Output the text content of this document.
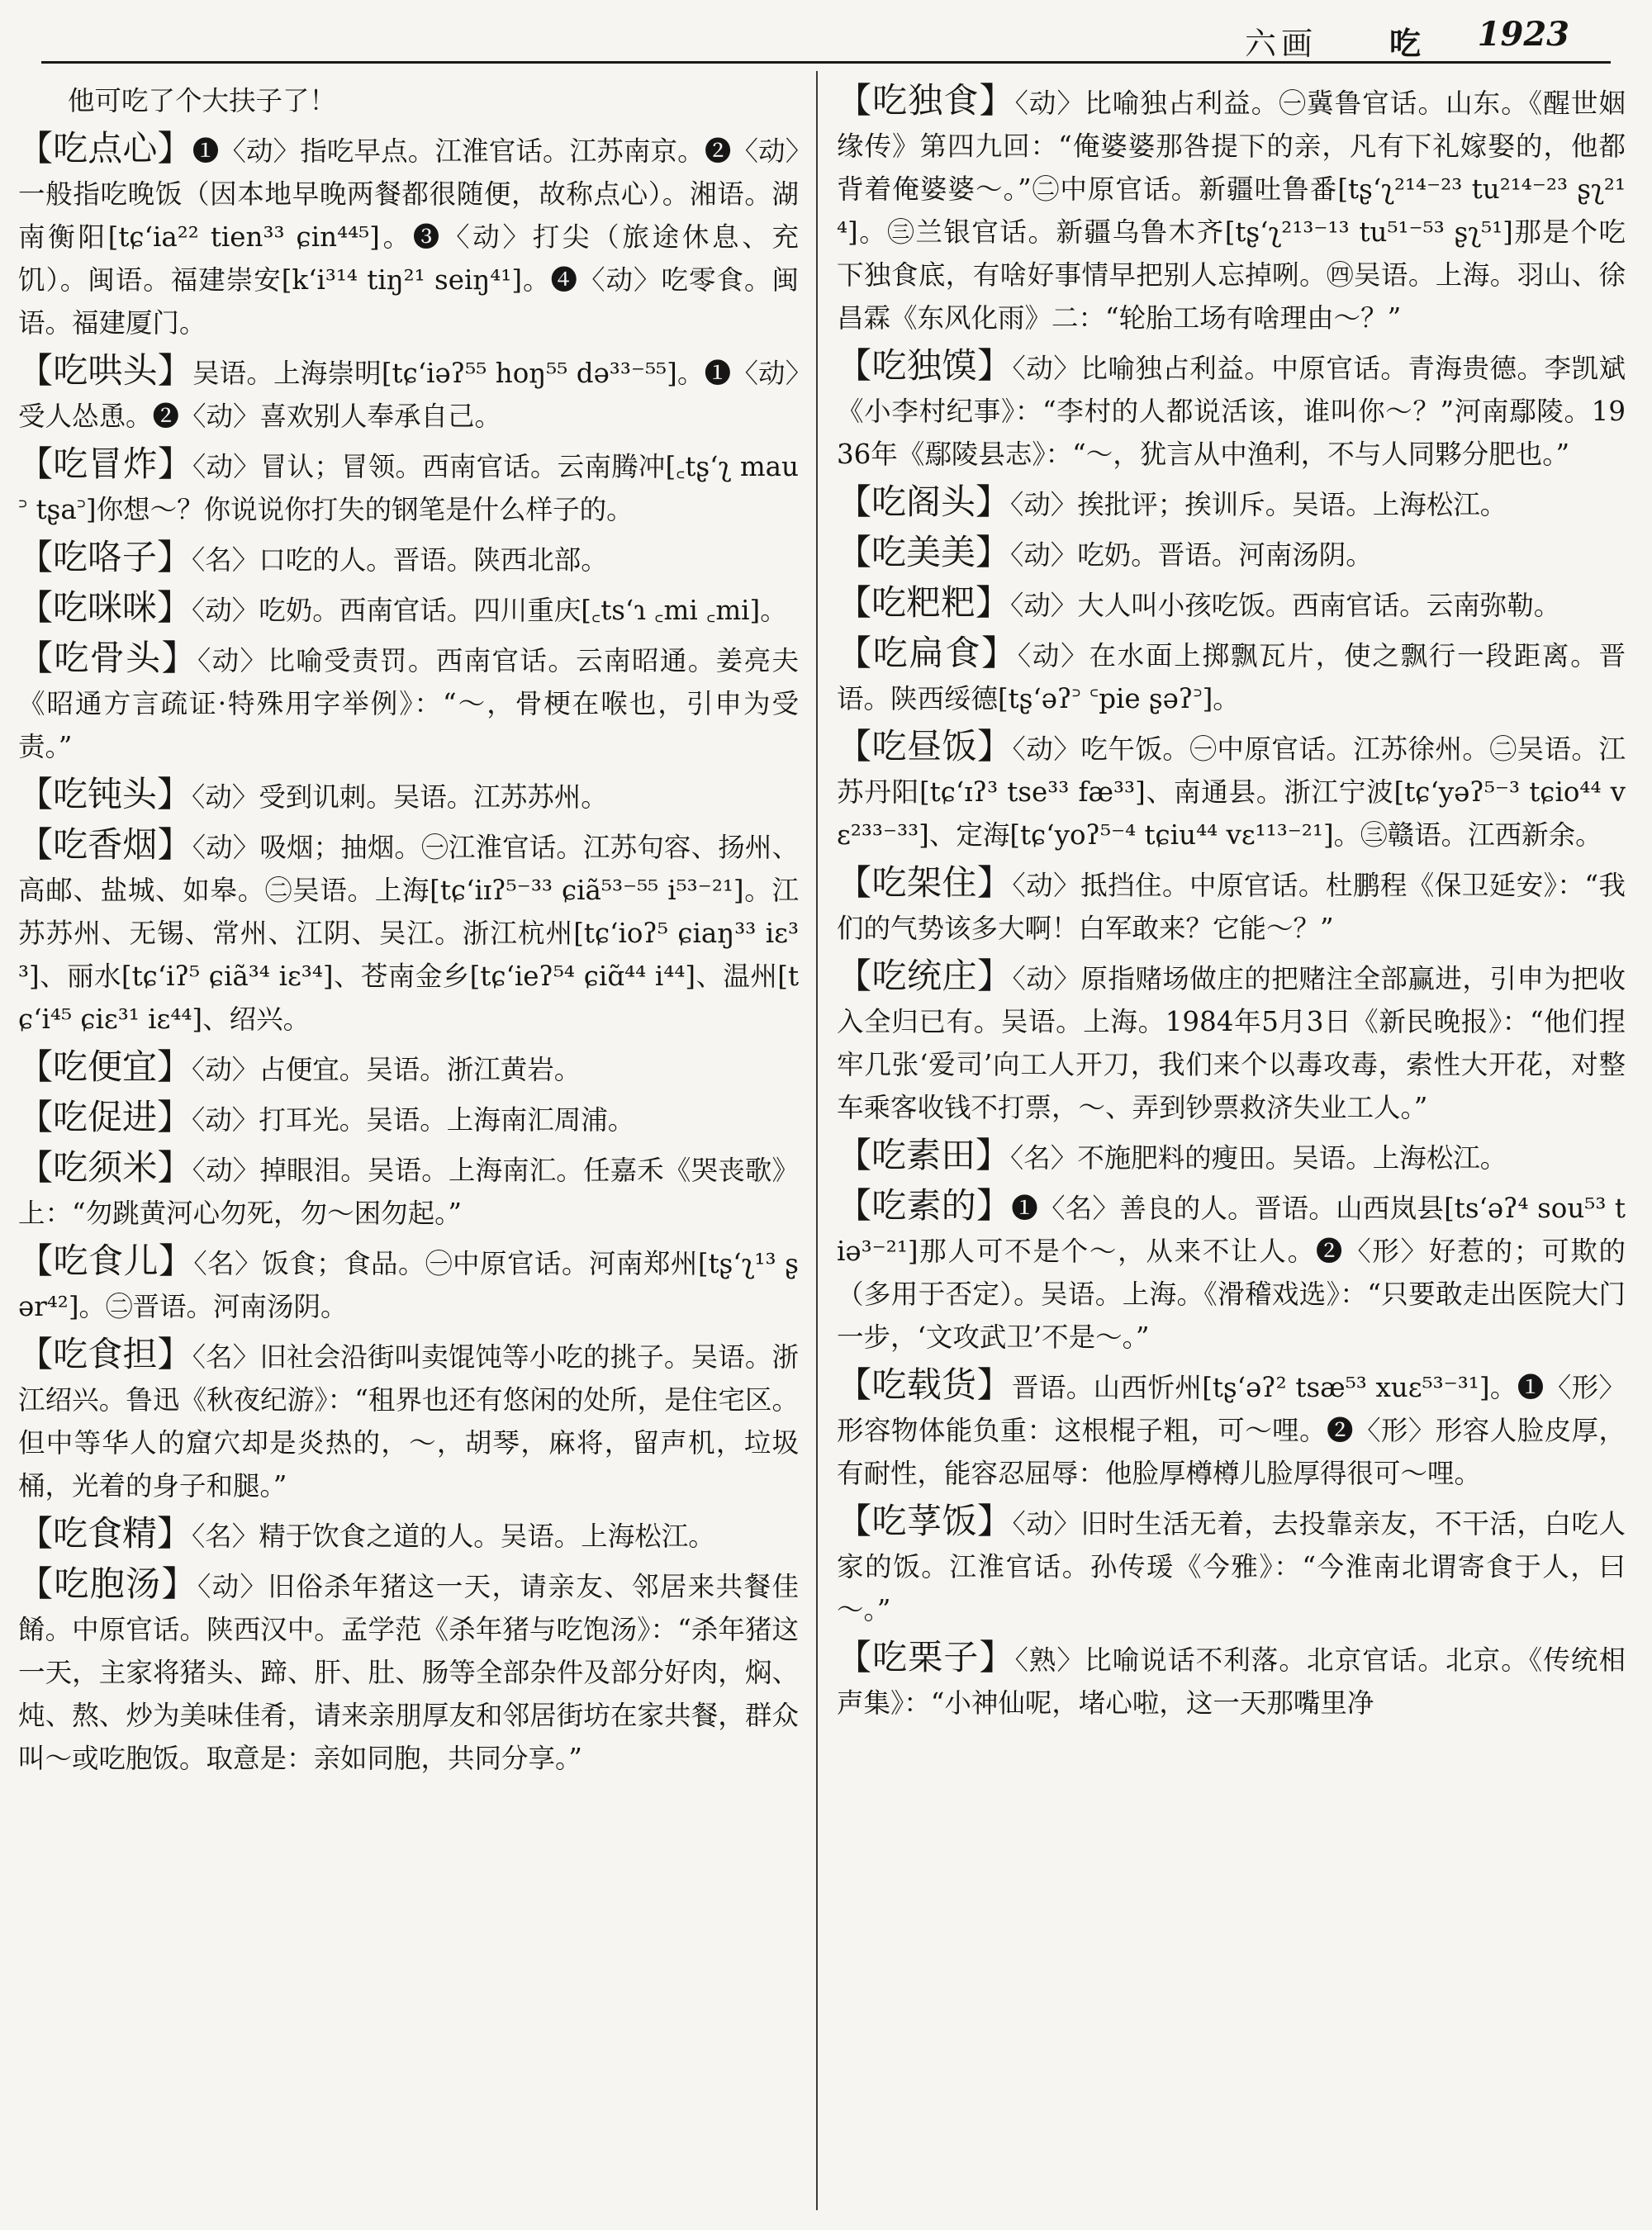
六画 吃 1923

他可吃了个大扶子了！

【吃点心】❶〈动〉指吃早点。江淮官话。江苏南京。❷〈动〉一般指吃晚饭（因本地早晚两餐都很随便，故称点心）。湘语。湖南衡阳[tɕʻia²² tien³³ ɕin⁴⁴⁵]。❸〈动〉打尖（旅途休息、充饥）。闽语。福建崇安[kʻi³¹⁴ tiŋ²¹ seiŋ⁴¹]。❹〈动〉吃零食。闽语。福建厦门。

【吃哄头】吴语。上海崇明[tɕʻiəʔ⁵⁵ hoŋ⁵⁵ də³³⁻⁵⁵]。❶〈动〉受人怂恿。❷〈动〉喜欢别人奉承自己。

【吃冒炸】〈动〉冒认；冒领。西南官话。云南腾冲[꜀tʂʻʅ mau꜄ tʂa꜄]你想～？你说说你打失的钢笔是什么样子的。

【吃咯子】〈名〉口吃的人。晋语。陕西北部。

【吃咪咪】〈动〉吃奶。西南官话。四川重庆[꜀tsʻɿ ꜀mi ꜀mi]。

【吃骨头】〈动〉比喻受责罚。西南官话。云南昭通。姜亮夫《昭通方言疏证·特殊用字举例》：“～，骨梗在喉也，引申为受责。”

【吃钝头】〈动〉受到讥刺。吴语。江苏苏州。

【吃香烟】〈动〉吸烟；抽烟。㊀江淮官话。江苏句容、扬州、高邮、盐城、如皋。㊁吴语。上海[tɕʻiɪʔ⁵⁻³³ ɕiã⁵³⁻⁵⁵ i⁵³⁻²¹]。江苏苏州、无锡、常州、江阴、吴江。浙江杭州[tɕʻioʔ⁵ ɕiaŋ³³ iɛ³³]、丽水[tɕʻiʔ⁵ ɕiã³⁴ iɛ³⁴]、苍南金乡[tɕʻieʔ⁵⁴ ɕiɑ̃⁴⁴ i⁴⁴]、温州[tɕʻi⁴⁵ ɕiɛ³¹ iɛ⁴⁴]、绍兴。

【吃便宜】〈动〉占便宜。吴语。浙江黄岩。

【吃促进】〈动〉打耳光。吴语。上海南汇周浦。

【吃须米】〈动〉掉眼泪。吴语。上海南汇。任嘉禾《哭丧歌》上：“勿跳黄河心勿死，勿～困勿起。”

【吃食儿】〈名〉饭食；食品。㊀中原官话。河南郑州[tʂʻʅ¹³ ʂər⁴²]。㊁晋语。河南汤阴。

【吃食担】〈名〉旧社会沿街叫卖馄饨等小吃的挑子。吴语。浙江绍兴。鲁迅《秋夜纪游》：“租界也还有悠闲的处所，是住宅区。但中等华人的窟穴却是炎热的，～，胡琴，麻将，留声机，垃圾桶，光着的身子和腿。”

【吃食精】〈名〉精于饮食之道的人。吴语。上海松江。

【吃胞汤】〈动〉旧俗杀年猪这一天，请亲友、邻居来共餐佳餚。中原官话。陕西汉中。孟学范《杀年猪与吃饱汤》：“杀年猪这一天，主家将猪头、蹄、肝、肚、肠等全部杂件及部分好肉，焖、炖、熬、炒为美味佳肴，请来亲朋厚友和邻居街坊在家共餐，群众叫～或吃胞饭。取意是：亲如同胞，共同分享。”

【吃独食】〈动〉比喻独占利益。㊀冀鲁官话。山东。《醒世姻缘传》第四九回：“俺婆婆那咎提下的亲，凡有下礼嫁娶的，他都背着俺婆婆～。”㊁中原官话。新疆吐鲁番[tʂʻʅ²¹⁴⁻²³ tu²¹⁴⁻²³ ʂʅ²¹⁴]。㊂兰银官话。新疆乌鲁木齐[tʂʻʅ²¹³⁻¹³ tu⁵¹⁻⁵³ ʂʅ⁵¹]那是个吃下独食底，有啥好事情早把别人忘掉咧。㊃吴语。上海。羽山、徐昌霖《东风化雨》二：“轮胎工场有啥理由～？”

【吃独馍】〈动〉比喻独占利益。中原官话。青海贵德。李凯斌《小李村纪事》：“李村的人都说活该，谁叫你～？”河南鄢陵。1936年《鄢陵县志》：“～，犹言从中渔利，不与人同夥分肥也。”

【吃阁头】〈动〉挨批评；挨训斥。吴语。上海松江。

【吃美美】〈动〉吃奶。晋语。河南汤阴。

【吃粑粑】〈动〉大人叫小孩吃饭。西南官话。云南弥勒。

【吃扁食】〈动〉在水面上掷飘瓦片，使之飘行一段距离。晋语。陕西绥德[tʂʻəʔ꜄ ꜂pie ʂəʔ꜄]。

【吃昼饭】〈动〉吃午饭。㊀中原官话。江苏徐州。㊁吴语。江苏丹阳[tɕʻɪʔ³ tse³³ fæ³³]、南通县。浙江宁波[tɕʻyəʔ⁵⁻³ tɕio⁴⁴ vɛ²³³⁻³³]、定海[tɕʻyoʔ⁵⁻⁴ tɕiu⁴⁴ vɛ¹¹³⁻²¹]。㊂赣语。江西新余。

【吃架住】〈动〉抵挡住。中原官话。杜鹏程《保卫延安》：“我们的气势该多大啊！白军敢来？它能～？”

【吃统庄】〈动〉原指赌场做庄的把赌注全部赢进，引申为把收入全归已有。吴语。上海。1984年5月3日《新民晚报》：“他们捏牢几张‘爱司’向工人开刀，我们来个以毒攻毒，索性大开花，对整车乘客收钱不打票，～、弄到钞票救济失业工人。”

【吃素田】〈名〉不施肥料的瘦田。吴语。上海松江。

【吃素的】❶〈名〉善良的人。晋语。山西岚县[tsʻəʔ⁴ sou⁵³ tiə³⁻²¹]那人可不是个～，从来不让人。❷〈形〉好惹的；可欺的（多用于否定）。吴语。上海。《滑稽戏选》：“只要敢走出医院大门一步，‘文攻武卫’不是～。”

【吃载货】晋语。山西忻州[tʂʻəʔ² tsæ⁵³ xuɛ⁵³⁻³¹]。❶〈形〉形容物体能负重：这根棍子粗，可～哩。❷〈形〉形容人脸皮厚，有耐性，能容忍屈辱：他脸厚樽樽儿脸厚得很可～哩。

【吃莩饭】〈动〉旧时生活无着，去投靠亲友，不干活，白吃人家的饭。江淮官话。孙传瑗《今雅》：“今淮南北谓寄食于人，曰～。”

【吃栗子】〈熟〉比喻说话不利落。北京官话。北京。《传统相声集》：“小神仙呢，堵心啦，这一天那嘴里净
